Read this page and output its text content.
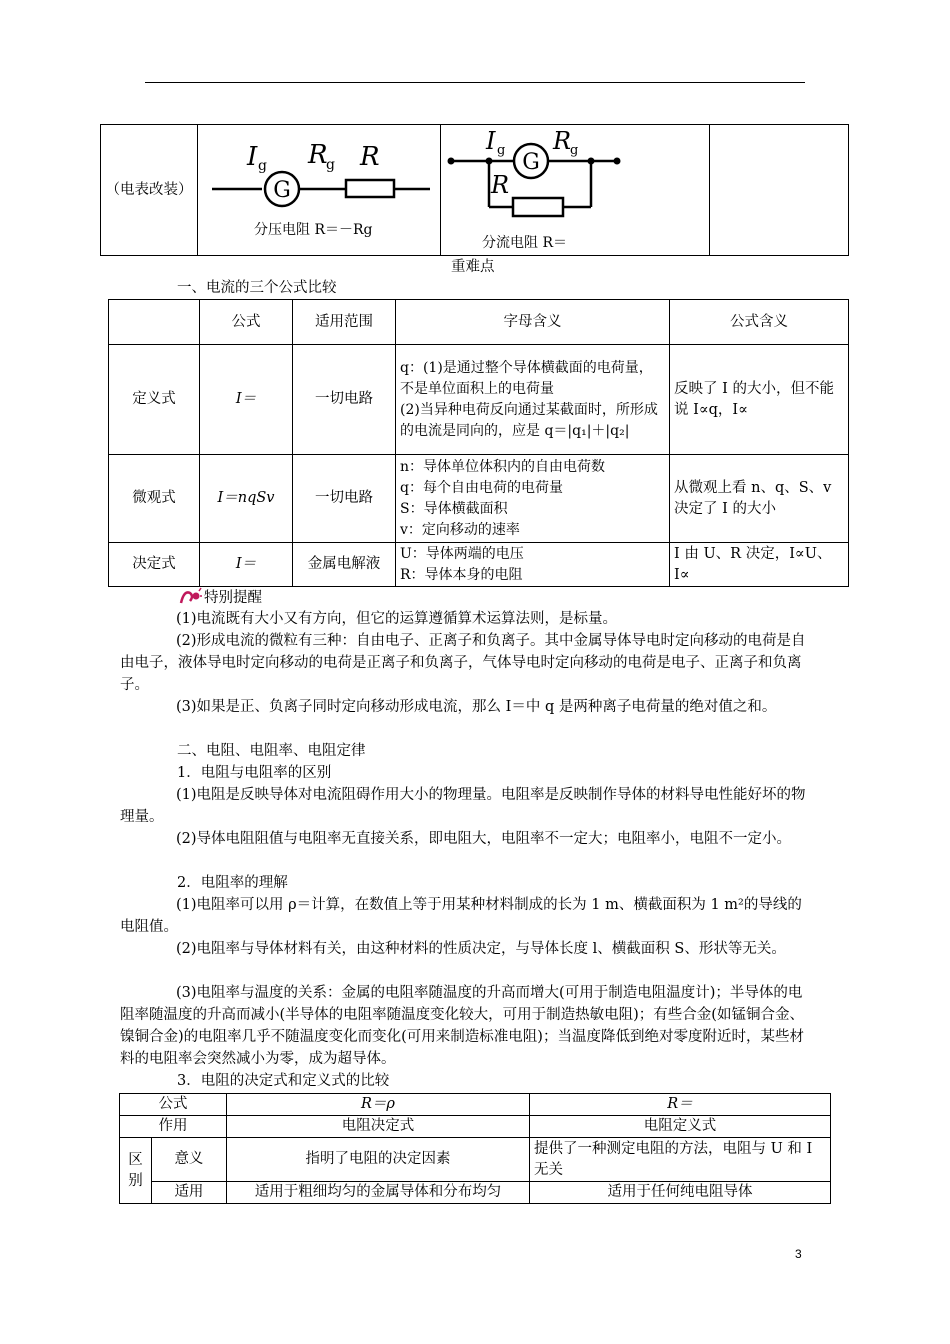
（电表改装）	G
I g R
g R
分压电阻 R＝－Rg

G
I g R
g
R
分流电阻 R＝

重难点

一、电流的三个公式比较

	公式	适用范围	字母含义	公式含义
定义式	I＝	一切电路	q：(1)是通过整个导体横截面的电荷量，不是单位面积上的电荷量
(2)当异种电荷反向通过某截面时，所形成的电流是同向的，应是 q＝|q₁|＋|q₂|	反映了 I 的大小，但不能说 I∝q，I∝
微观式	I＝nqSv	一切电路	n：导体单位体积内的自由电荷数
q：每个自由电荷的电荷量
S：导体横截面积
v：定向移动的速率	从微观上看 n、q、S、v 决定了 I 的大小
决定式	I＝	金属电解液	U：导体两端的电压
R：导体本身的电阻	I 由 U、R 决定，I∝U、I∝

特别提醒

(1)电流既有大小又有方向，但它的运算遵循算术运算法则，是标量。

(2)形成电流的微粒有三种：自由电子、正离子和负离子。其中金属导体导电时定向移动的电荷是自由电子，液体导电时定向移动的电荷是正离子和负离子，气体导电时定向移动的电荷是电子、正离子和负离子。

(3)如果是正、负离子同时定向移动形成电流，那么 I＝中 q 是两种离子电荷量的绝对值之和。

二、电阻、电阻率、电阻定律

1．电阻与电阻率的区别

(1)电阻是反映导体对电流阻碍作用大小的物理量。电阻率是反映制作导体的材料导电性能好坏的物理量。

(2)导体电阻阻值与电阻率无直接关系，即电阻大，电阻率不一定大；电阻率小，电阻不一定小。

2．电阻率的理解

(1)电阻率可以用 ρ＝计算，在数值上等于用某种材料制成的长为 1 m、横截面积为 1 m²的导线的电阻值。

(2)电阻率与导体材料有关，由这种材料的性质决定，与导体长度 l、横截面积 S、形状等无关。

(3)电阻率与温度的关系：金属的电阻率随温度的升高而增大(可用于制造电阻温度计)；半导体的电阻率随温度的升高而减小(半导体的电阻率随温度变化较大，可用于制造热敏电阻)；有些合金(如锰铜合金、镍铜合金)的电阻率几乎不随温度变化而变化(可用来制造标准电阻)；当温度降低到绝对零度附近时，某些材料的电阻率会突然减小为零，成为超导体。

3．电阻的决定式和定义式的比较

公式		R＝ρ	R＝
作用		电阻决定式	电阻定义式
区别	意义	指明了电阻的决定因素	提供了一种测定电阻的方法，电阻与 U 和 I 无关
	适用	适用于粗细均匀的金属导体和分布均匀	适用于任何纯电阻导体
3
